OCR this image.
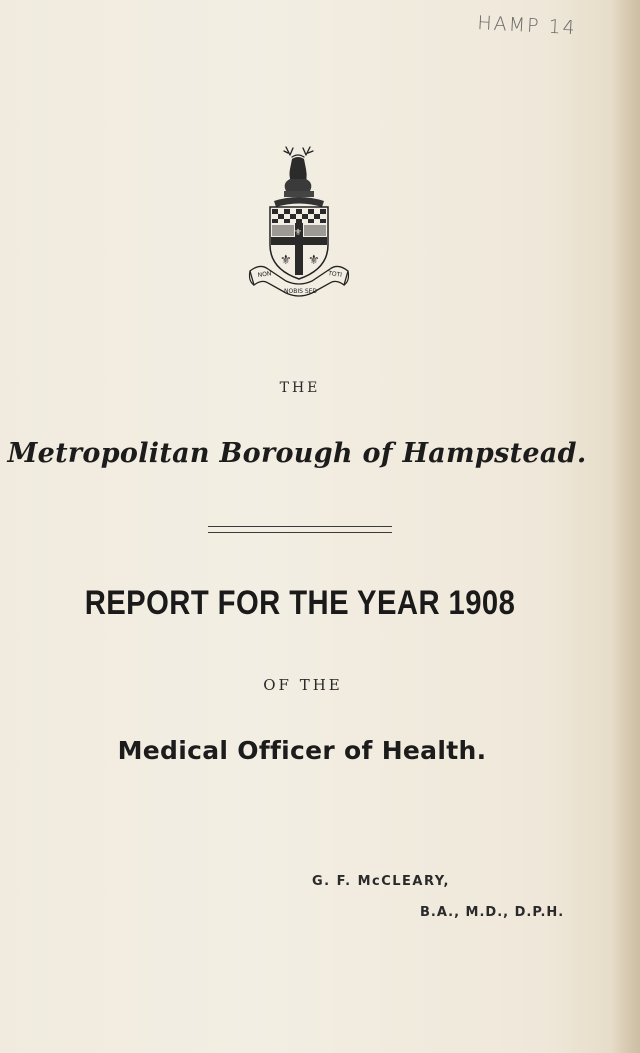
HAMP 14
⚜ ⚜
⚜
NON	TOTI
NOBIS SED
THE
Metropolitan Borough of Hampstead.
REPORT FOR THE YEAR 1908
OF THE
Medical Officer of Health.
G. F. McCLEARY,
B.A., M.D., D.P.H.
